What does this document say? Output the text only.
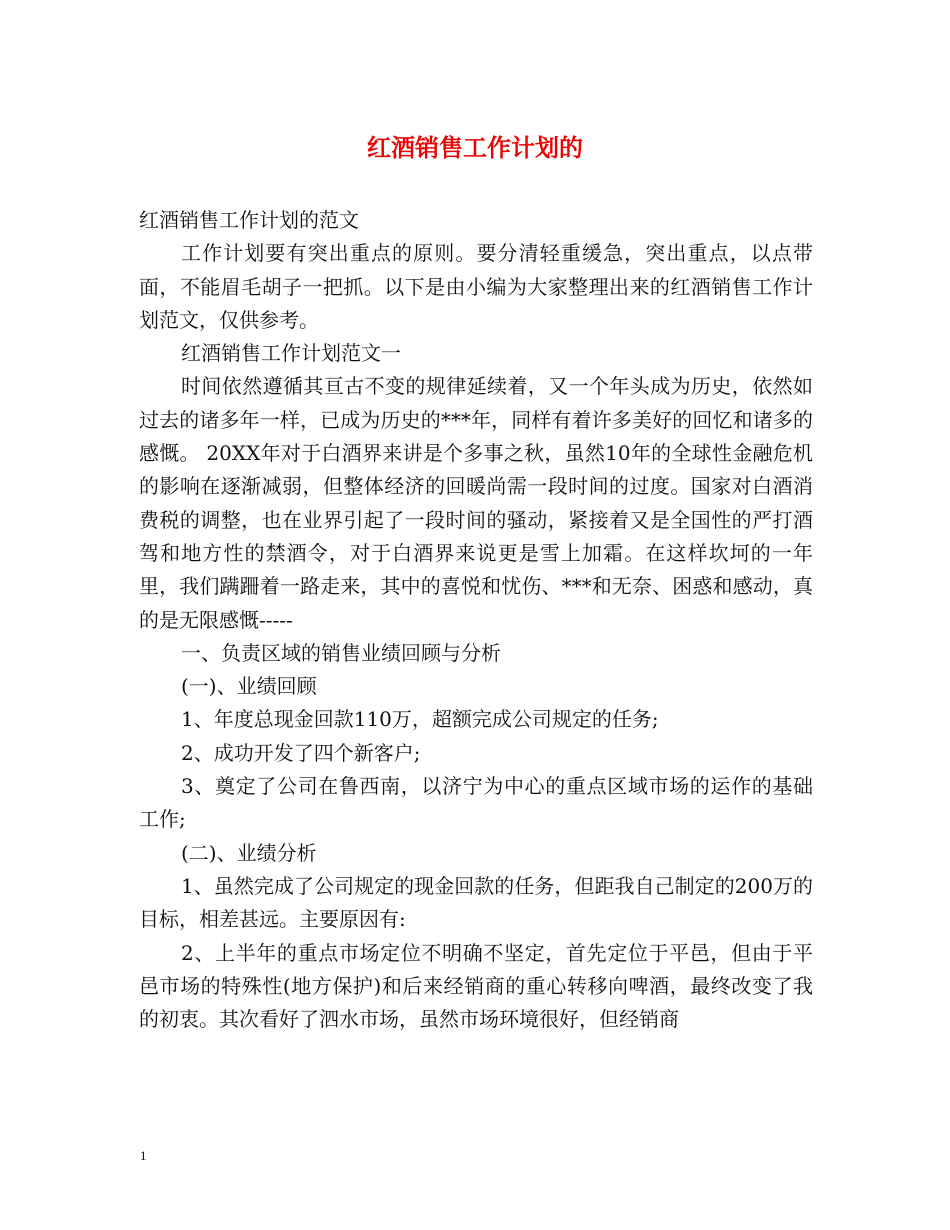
红酒销售工作计划的

红酒销售工作计划的范文

工作计划要有突出重点的原则。要分清轻重缓急，突出重点，以点带面，不能眉毛胡子一把抓。以下是由小编为大家整理出来的红酒销售工作计划范文，仅供参考。

红酒销售工作计划范文一

时间依然遵循其亘古不变的规律延续着，又一个年头成为历史，依然如过去的诸多年一样，已成为历史的***年，同样有着许多美好的回忆和诸多的感慨。 20XX年对于白酒界来讲是个多事之秋，虽然10年的全球性金融危机的影响在逐渐减弱，但整体经济的回暖尚需一段时间的过度。国家对白酒消费税的调整，也在业界引起了一段时间的骚动，紧接着又是全国性的严打酒驾和地方性的禁酒令，对于白酒界来说更是雪上加霜。在这样坎坷的一年里，我们蹒跚着一路走来，其中的喜悦和忧伤、***和无奈、困惑和感动，真的是无限感慨-----

一、负责区域的销售业绩回顾与分析

(一)、业绩回顾

1、年度总现金回款110万，超额完成公司规定的任务;

2、成功开发了四个新客户;

3、奠定了公司在鲁西南，以济宁为中心的重点区域市场的运作的基础工作;

(二)、业绩分析

1、虽然完成了公司规定的现金回款的任务，但距我自己制定的200万的目标，相差甚远。主要原因有:

2、上半年的重点市场定位不明确不坚定，首先定位于平邑，但由于平邑市场的特殊性(地方保护)和后来经销商的重心转移向啤酒，最终改变了我的初衷。其次看好了泗水市场，虽然市场环境很好，但经销商

1
